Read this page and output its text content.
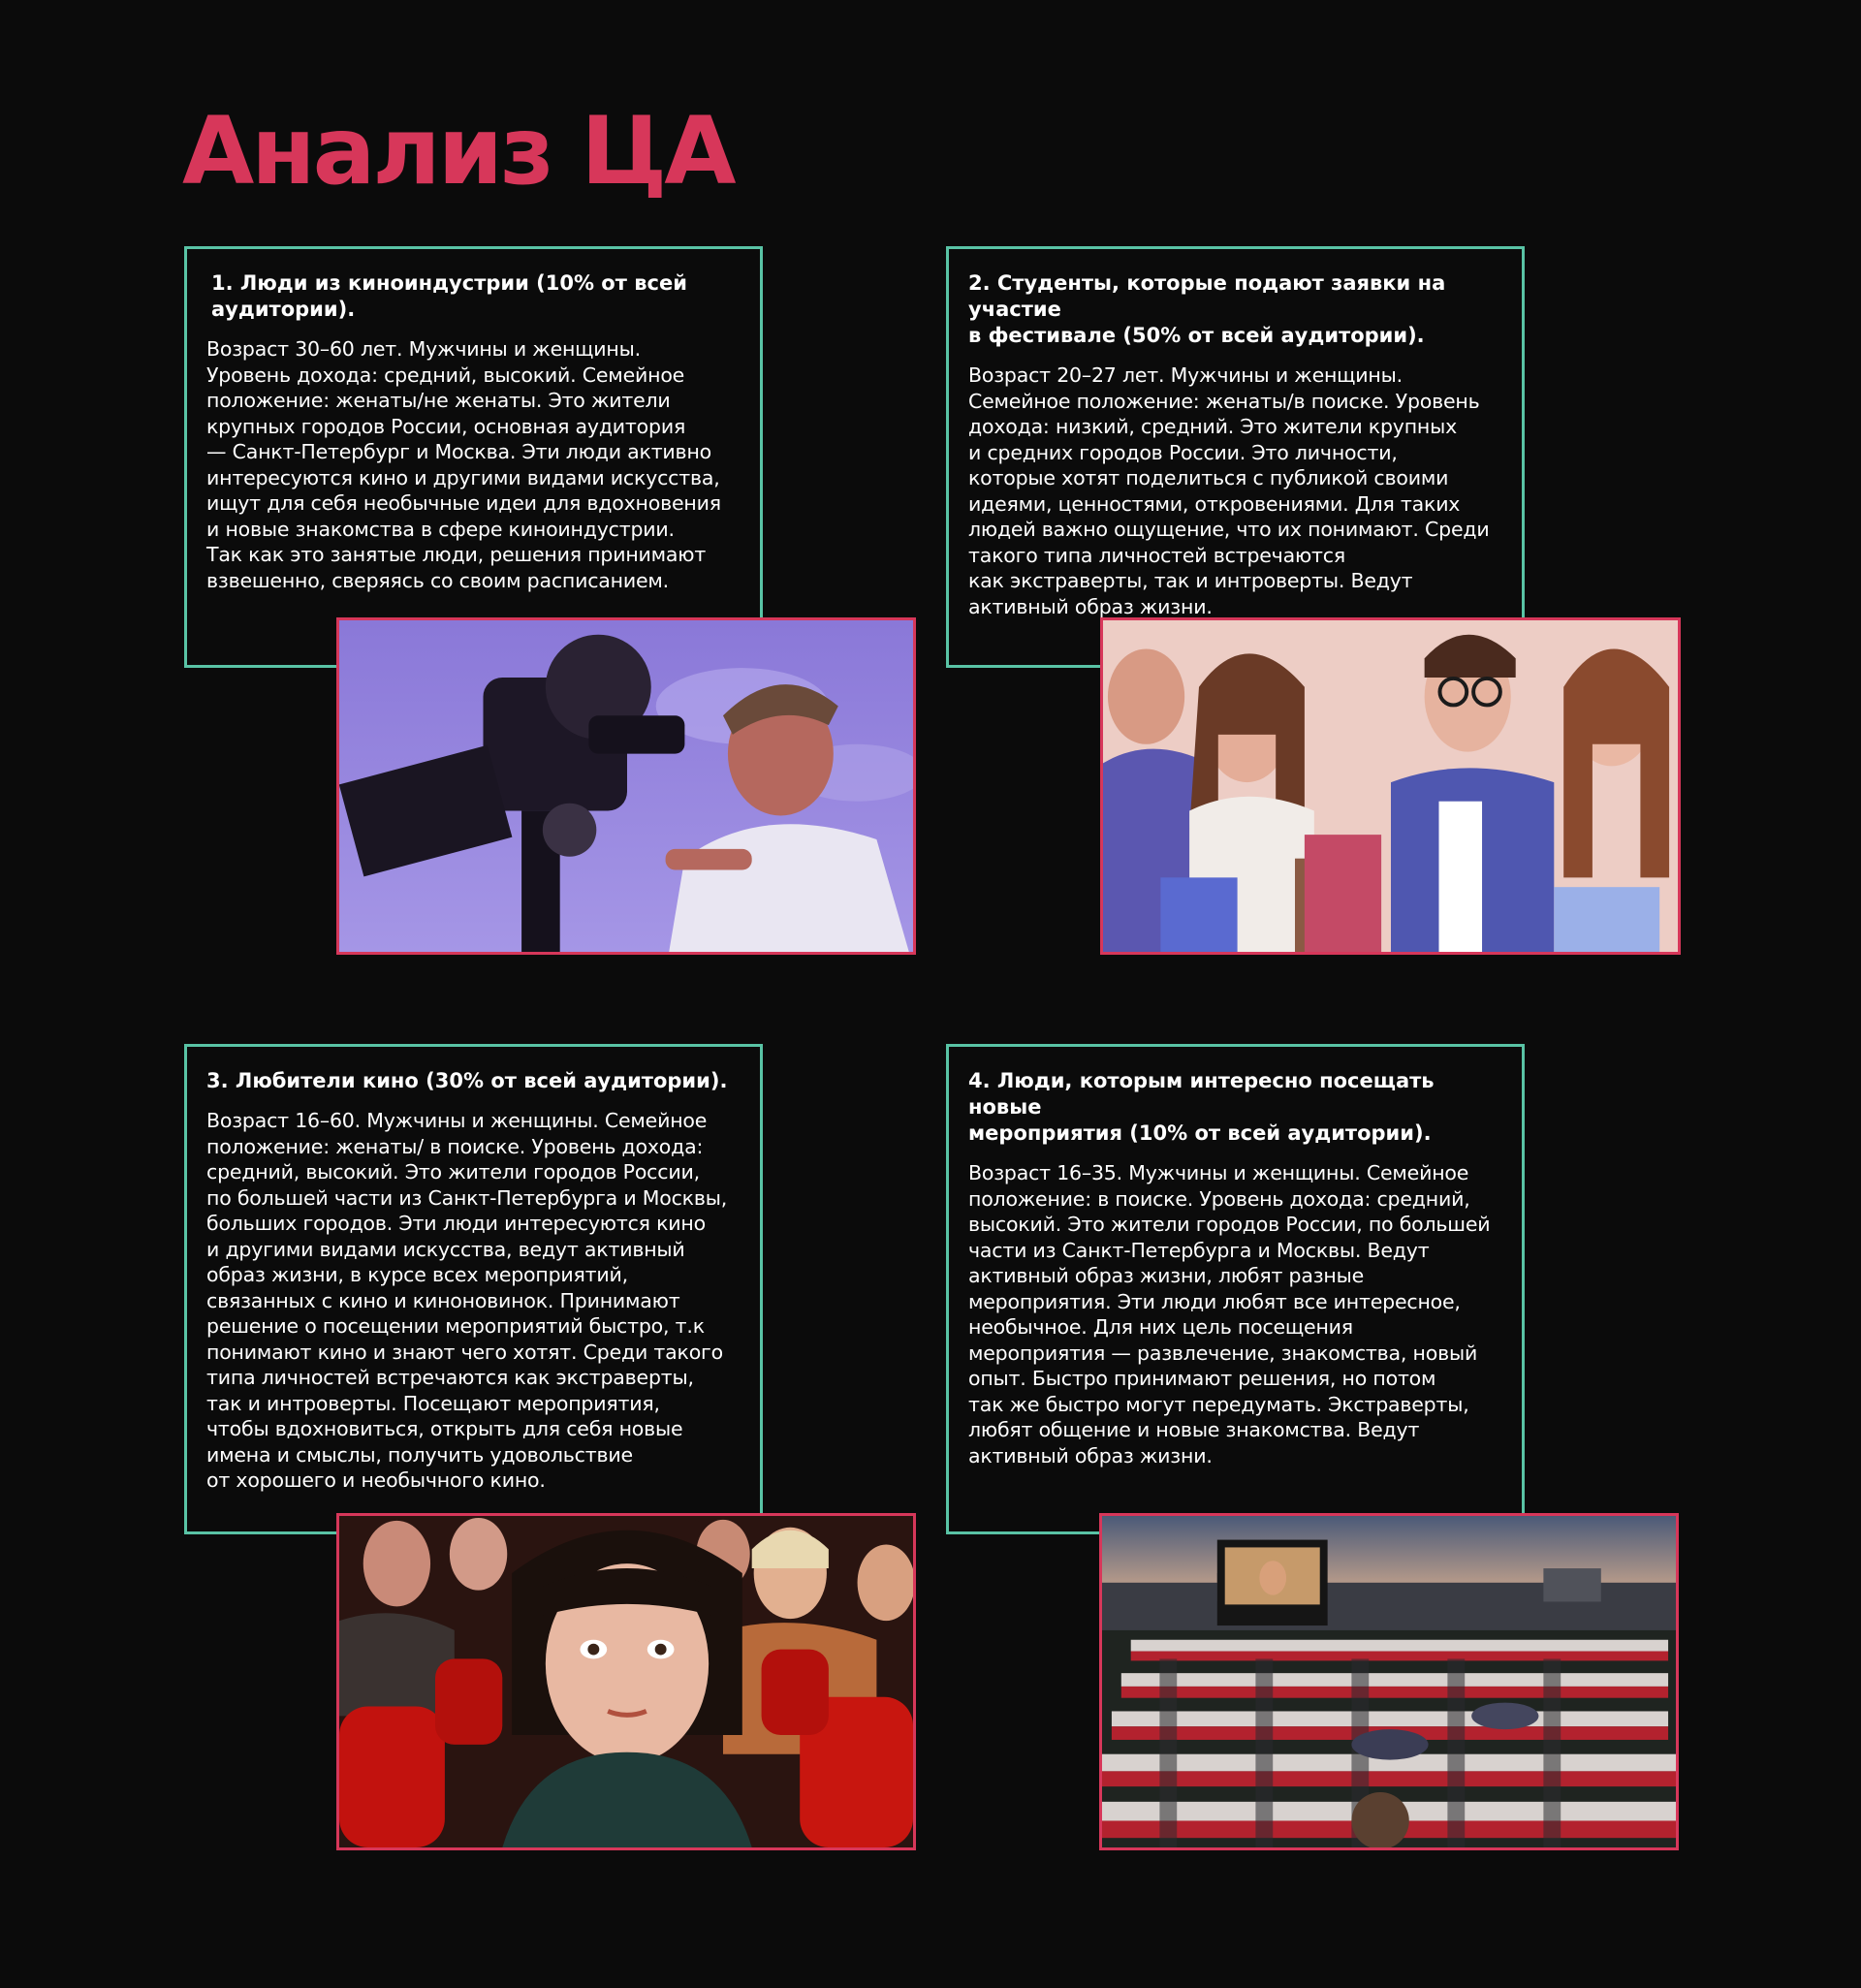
Анализ ЦА
1. Люди из киноиндустрии (10% от всей
аудитории).

Возраст 30–60 лет. Мужчины и женщины.
Уровень дохода: средний, высокий. Семейное
положение: женаты/не женаты. Это жители
крупных городов России, основная аудитория
— Санкт-Петербург и Москва. Эти люди активно
интересуются кино и другими видами искусства,
ищут для себя необычные идеи для вдохновения
и новые знакомства в сфере киноиндустрии.
Так как это занятые люди, решения принимают
взвешенно, сверяясь со своим расписанием.

2. Студенты, которые подают заявки на участие
в фестивале (50% от всей аудитории).

Возраст 20–27 лет. Мужчины и женщины.
Семейное положение: женаты/в поиске. Уровень
дохода: низкий, средний. Это жители крупных
и средних городов России. Это личности,
которые хотят поделиться с публикой своими
идеями, ценностями, откровениями. Для таких
людей важно ощущение, что их понимают. Среди
такого типа личностей встречаются
как экстраверты, так и интроверты. Ведут
активный образ жизни.

3. Любители кино (30% от всей аудитории).

Возраст 16–60. Мужчины и женщины. Семейное
положение: женаты/ в поиске. Уровень дохода:
средний, высокий. Это жители городов России,
по большей части из Санкт-Петербурга и Москвы,
больших городов. Эти люди интересуются кино
и другими видами искусства, ведут активный
образ жизни, в курсе всех мероприятий,
связанных с кино и киноновинок. Принимают
решение о посещении мероприятий быстро, т.к
понимают кино и знают чего хотят. Среди такого
типа личностей встречаются как экстраверты,
так и интроверты. Посещают мероприятия,
чтобы вдохновиться, открыть для себя новые
имена и смыслы, получить удовольствие
от хорошего и необычного кино.

4. Люди, которым интересно посещать новые
мероприятия (10% от всей аудитории).

Возраст 16–35. Мужчины и женщины. Семейное
положение: в поиске. Уровень дохода: средний,
высокий. Это жители городов России, по большей
части из Санкт-Петербурга и Москвы. Ведут
активный образ жизни, любят разные
мероприятия. Эти люди любят все интересное,
необычное. Для них цель посещения
мероприятия — развлечение, знакомства, новый
опыт. Быстро принимают решения, но потом
так же быстро могут передумать. Экстраверты,
любят общение и новые знакомства. Ведут
активный образ жизни.
